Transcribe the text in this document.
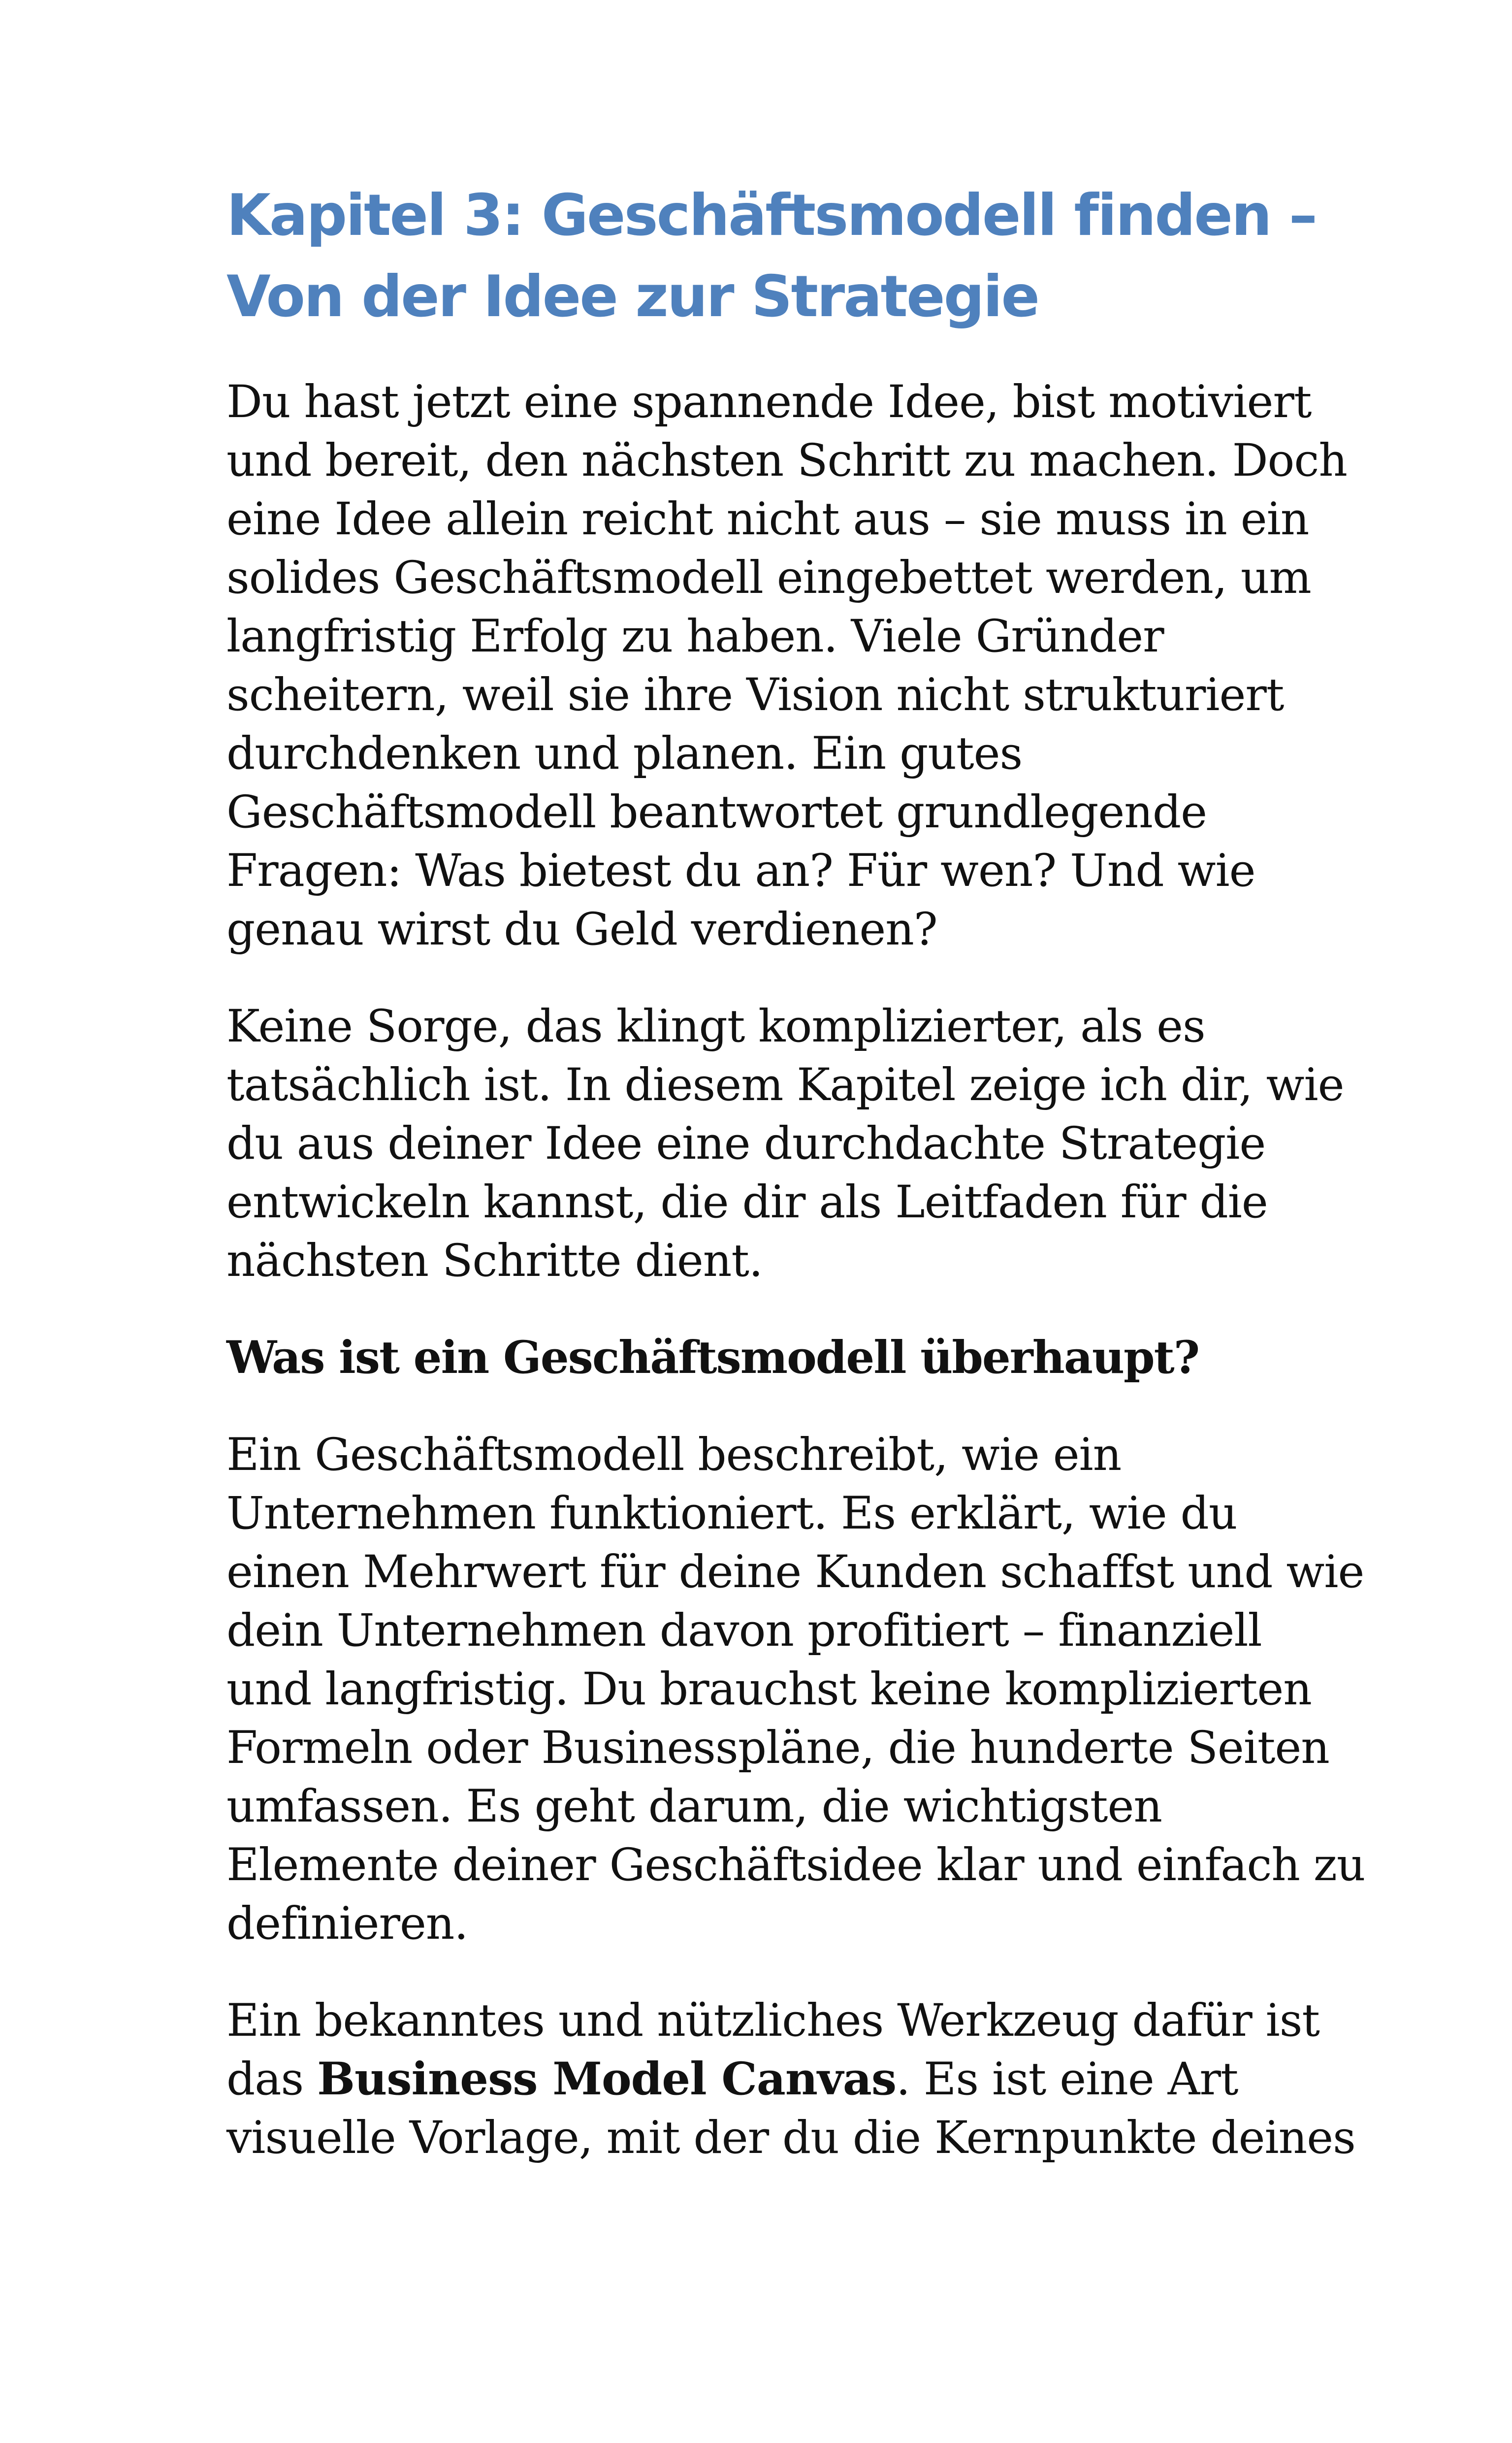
Kapitel 3: Geschäftsmodell finden –
Von der Idee zur Strategie

Du hast jetzt eine spannende Idee, bist motiviert
und bereit, den nächsten Schritt zu machen. Doch
eine Idee allein reicht nicht aus – sie muss in ein
solides Geschäftsmodell eingebettet werden, um
langfristig Erfolg zu haben. Viele Gründer
scheitern, weil sie ihre Vision nicht strukturiert
durchdenken und planen. Ein gutes
Geschäftsmodell beantwortet grundlegende
Fragen: Was bietest du an? Für wen? Und wie
genau wirst du Geld verdienen?

Keine Sorge, das klingt komplizierter, als es
tatsächlich ist. In diesem Kapitel zeige ich dir, wie
du aus deiner Idee eine durchdachte Strategie
entwickeln kannst, die dir als Leitfaden für die
nächsten Schritte dient.

Was ist ein Geschäftsmodell überhaupt?

Ein Geschäftsmodell beschreibt, wie ein
Unternehmen funktioniert. Es erklärt, wie du
einen Mehrwert für deine Kunden schaffst und wie
dein Unternehmen davon profitiert – finanziell
und langfristig. Du brauchst keine komplizierten
Formeln oder Businesspläne, die hunderte Seiten
umfassen. Es geht darum, die wichtigsten
Elemente deiner Geschäftsidee klar und einfach zu
definieren.

Ein bekanntes und nützliches Werkzeug dafür ist
das Business Model Canvas. Es ist eine Art
visuelle Vorlage, mit der du die Kernpunkte deines
